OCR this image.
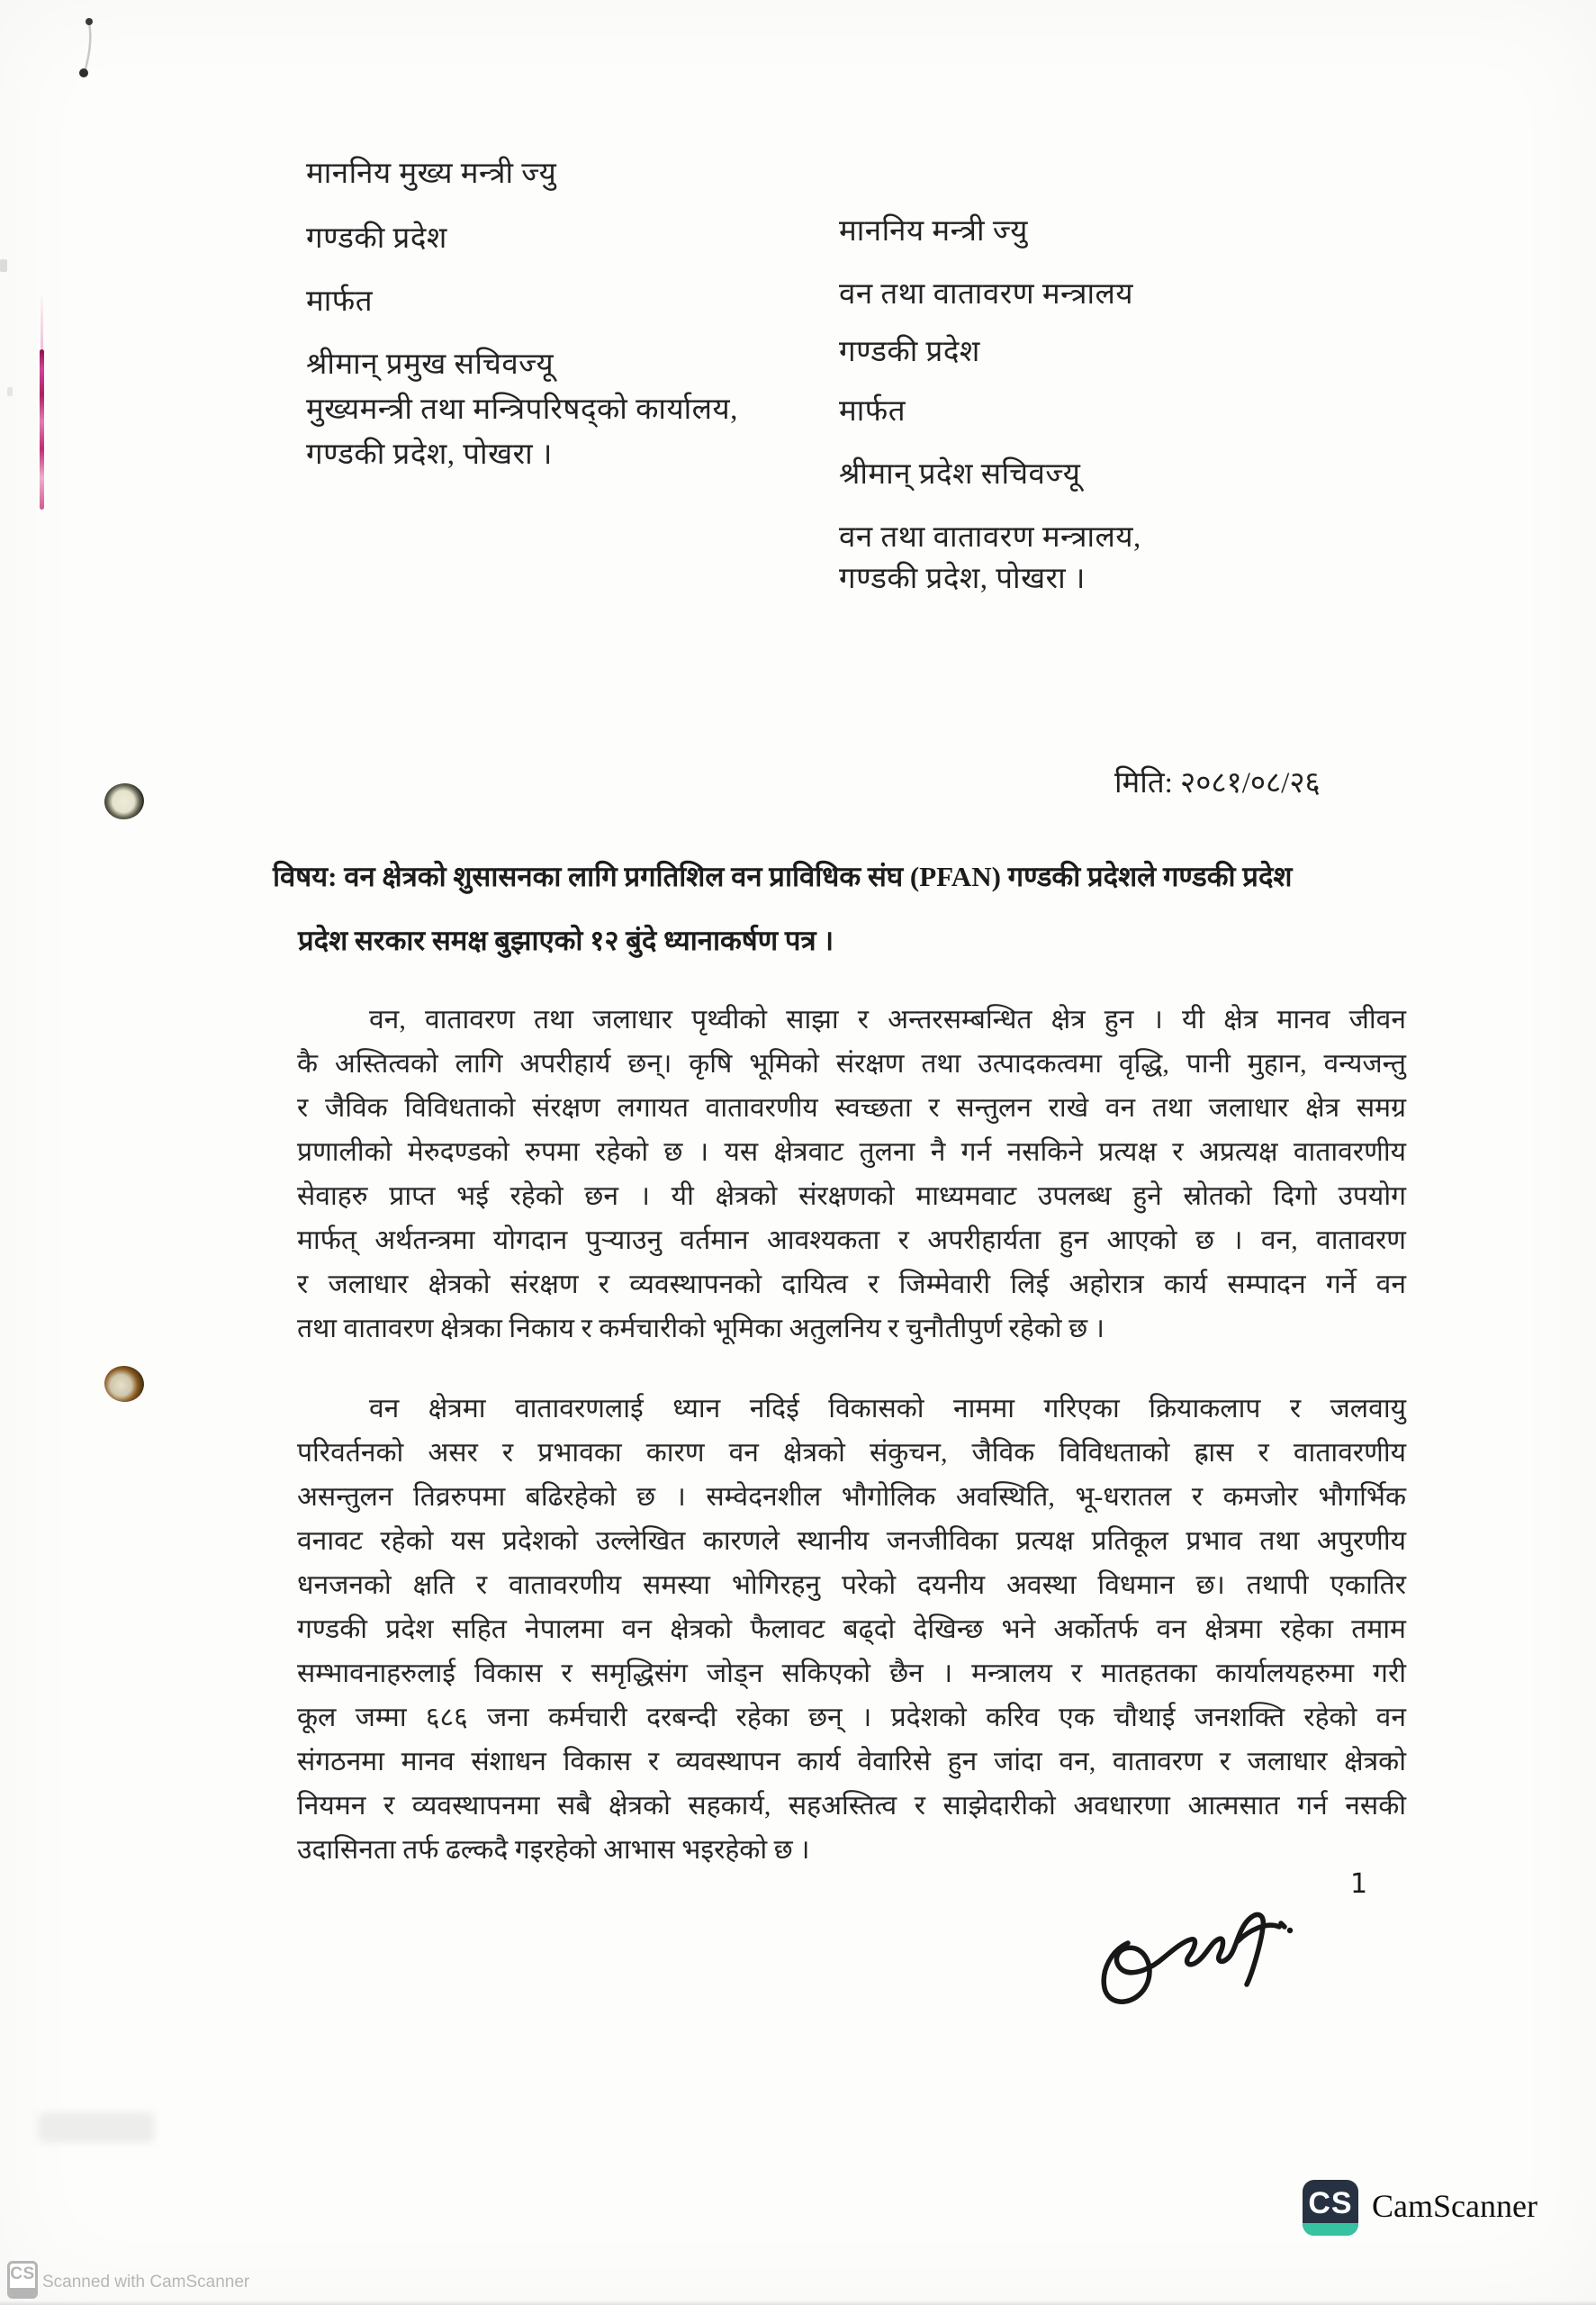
माननिय मुख्य मन्त्री ज्यु
गण्डकी प्रदेश
मार्फत
श्रीमान् प्रमुख सचिवज्यू
मुख्यमन्त्री तथा मन्त्रिपरिषद्को कार्यालय,
गण्डकी प्रदेश, पोखरा ।
माननिय मन्त्री ज्यु
वन तथा वातावरण मन्त्रालय
गण्डकी प्रदेश
मार्फत
श्रीमान् प्रदेश सचिवज्यू
वन तथा वातावरण मन्त्रालय,
गण्डकी प्रदेश, पोखरा ।
मिति: २०८१/०८/२६
विषय: वन क्षेत्रको शुसासनका लागि प्रगतिशिल वन प्राविधिक संघ (PFAN) गण्डकी प्रदेशले गण्डकी प्रदेश
प्रदेश सरकार समक्ष बुझाएको १२ बुंदे ध्यानाकर्षण पत्र ।
वन, वातावरण तथा जलाधार पृथ्वीको साझा र अन्तरसम्बन्धित क्षेत्र हुन । यी क्षेत्र मानव जीवन
कै अस्तित्वको लागि अपरीहार्य छन्। कृषि भूमिको संरक्षण तथा उत्पादकत्वमा वृद्धि, पानी मुहान, वन्यजन्तु
र जैविक विविधताको संरक्षण लगायत वातावरणीय स्वच्छता र सन्तुलन राखे वन तथा जलाधार क्षेत्र समग्र
प्रणालीको मेरुदण्डको रुपमा रहेको छ । यस क्षेत्रवाट तुलना नै गर्न नसकिने प्रत्यक्ष र अप्रत्यक्ष वातावरणीय
सेवाहरु प्राप्त भई रहेको छन । यी क्षेत्रको संरक्षणको माध्यमवाट उपलब्ध हुने स्रोतको दिगो उपयोग
मार्फत् अर्थतन्त्रमा योगदान पुऱ्याउनु वर्तमान आवश्यकता र अपरीहार्यता हुन आएको छ । वन, वातावरण
र जलाधार क्षेत्रको संरक्षण र व्यवस्थापनको दायित्व र जिम्मेवारी लिई अहोरात्र कार्य सम्पादन गर्ने वन
तथा वातावरण क्षेत्रका निकाय र कर्मचारीको भूमिका अतुलनिय र चुनौतीपुर्ण रहेको छ ।
वन क्षेत्रमा वातावरणलाई ध्यान नदिई विकासको नाममा गरिएका क्रियाकलाप र जलवायु
परिवर्तनको असर र प्रभावका कारण वन क्षेत्रको संकुचन, जैविक विविधताको ह्रास र वातावरणीय
असन्तुलन तिव्ररुपमा बढिरहेको छ । सम्वेदनशील भौगोलिक अवस्थिति, भू-धरातल र कमजोर भौगर्भिक
वनावट रहेको यस प्रदेशको उल्लेखित कारणले स्थानीय जनजीविका प्रत्यक्ष प्रतिकूल प्रभाव तथा अपुरणीय
धनजनको क्षति र वातावरणीय समस्या भोगिरहनु परेको दयनीय अवस्था विधमान छ। तथापी एकातिर
गण्डकी प्रदेश सहित नेपालमा वन क्षेत्रको फैलावट बढ्दो देखिन्छ भने अर्कोतर्फ वन क्षेत्रमा रहेका तमाम
सम्भावनाहरुलाई विकास र समृद्धिसंग जोड्न सकिएको छैन । मन्त्रालय र मातहतका कार्यालयहरुमा गरी
कूल जम्मा ६८६ जना कर्मचारी दरबन्दी रहेका छन् । प्रदेशको करिव एक चौथाई जनशक्ति रहेको वन
संगठनमा मानव संशाधन विकास र व्यवस्थापन कार्य वेवारिसे हुन जांदा वन, वातावरण र जलाधार क्षेत्रको
नियमन र व्यवस्थापनमा सबै क्षेत्रको सहकार्य, सहअस्तित्व र साझेदारीको अवधारणा आत्मसात गर्न नसकी
उदासिनता तर्फ ढल्कदै गइरहेको आभास भइरहेको छ ।
1
CS CamScanner
CS Scanned with CamScanner
